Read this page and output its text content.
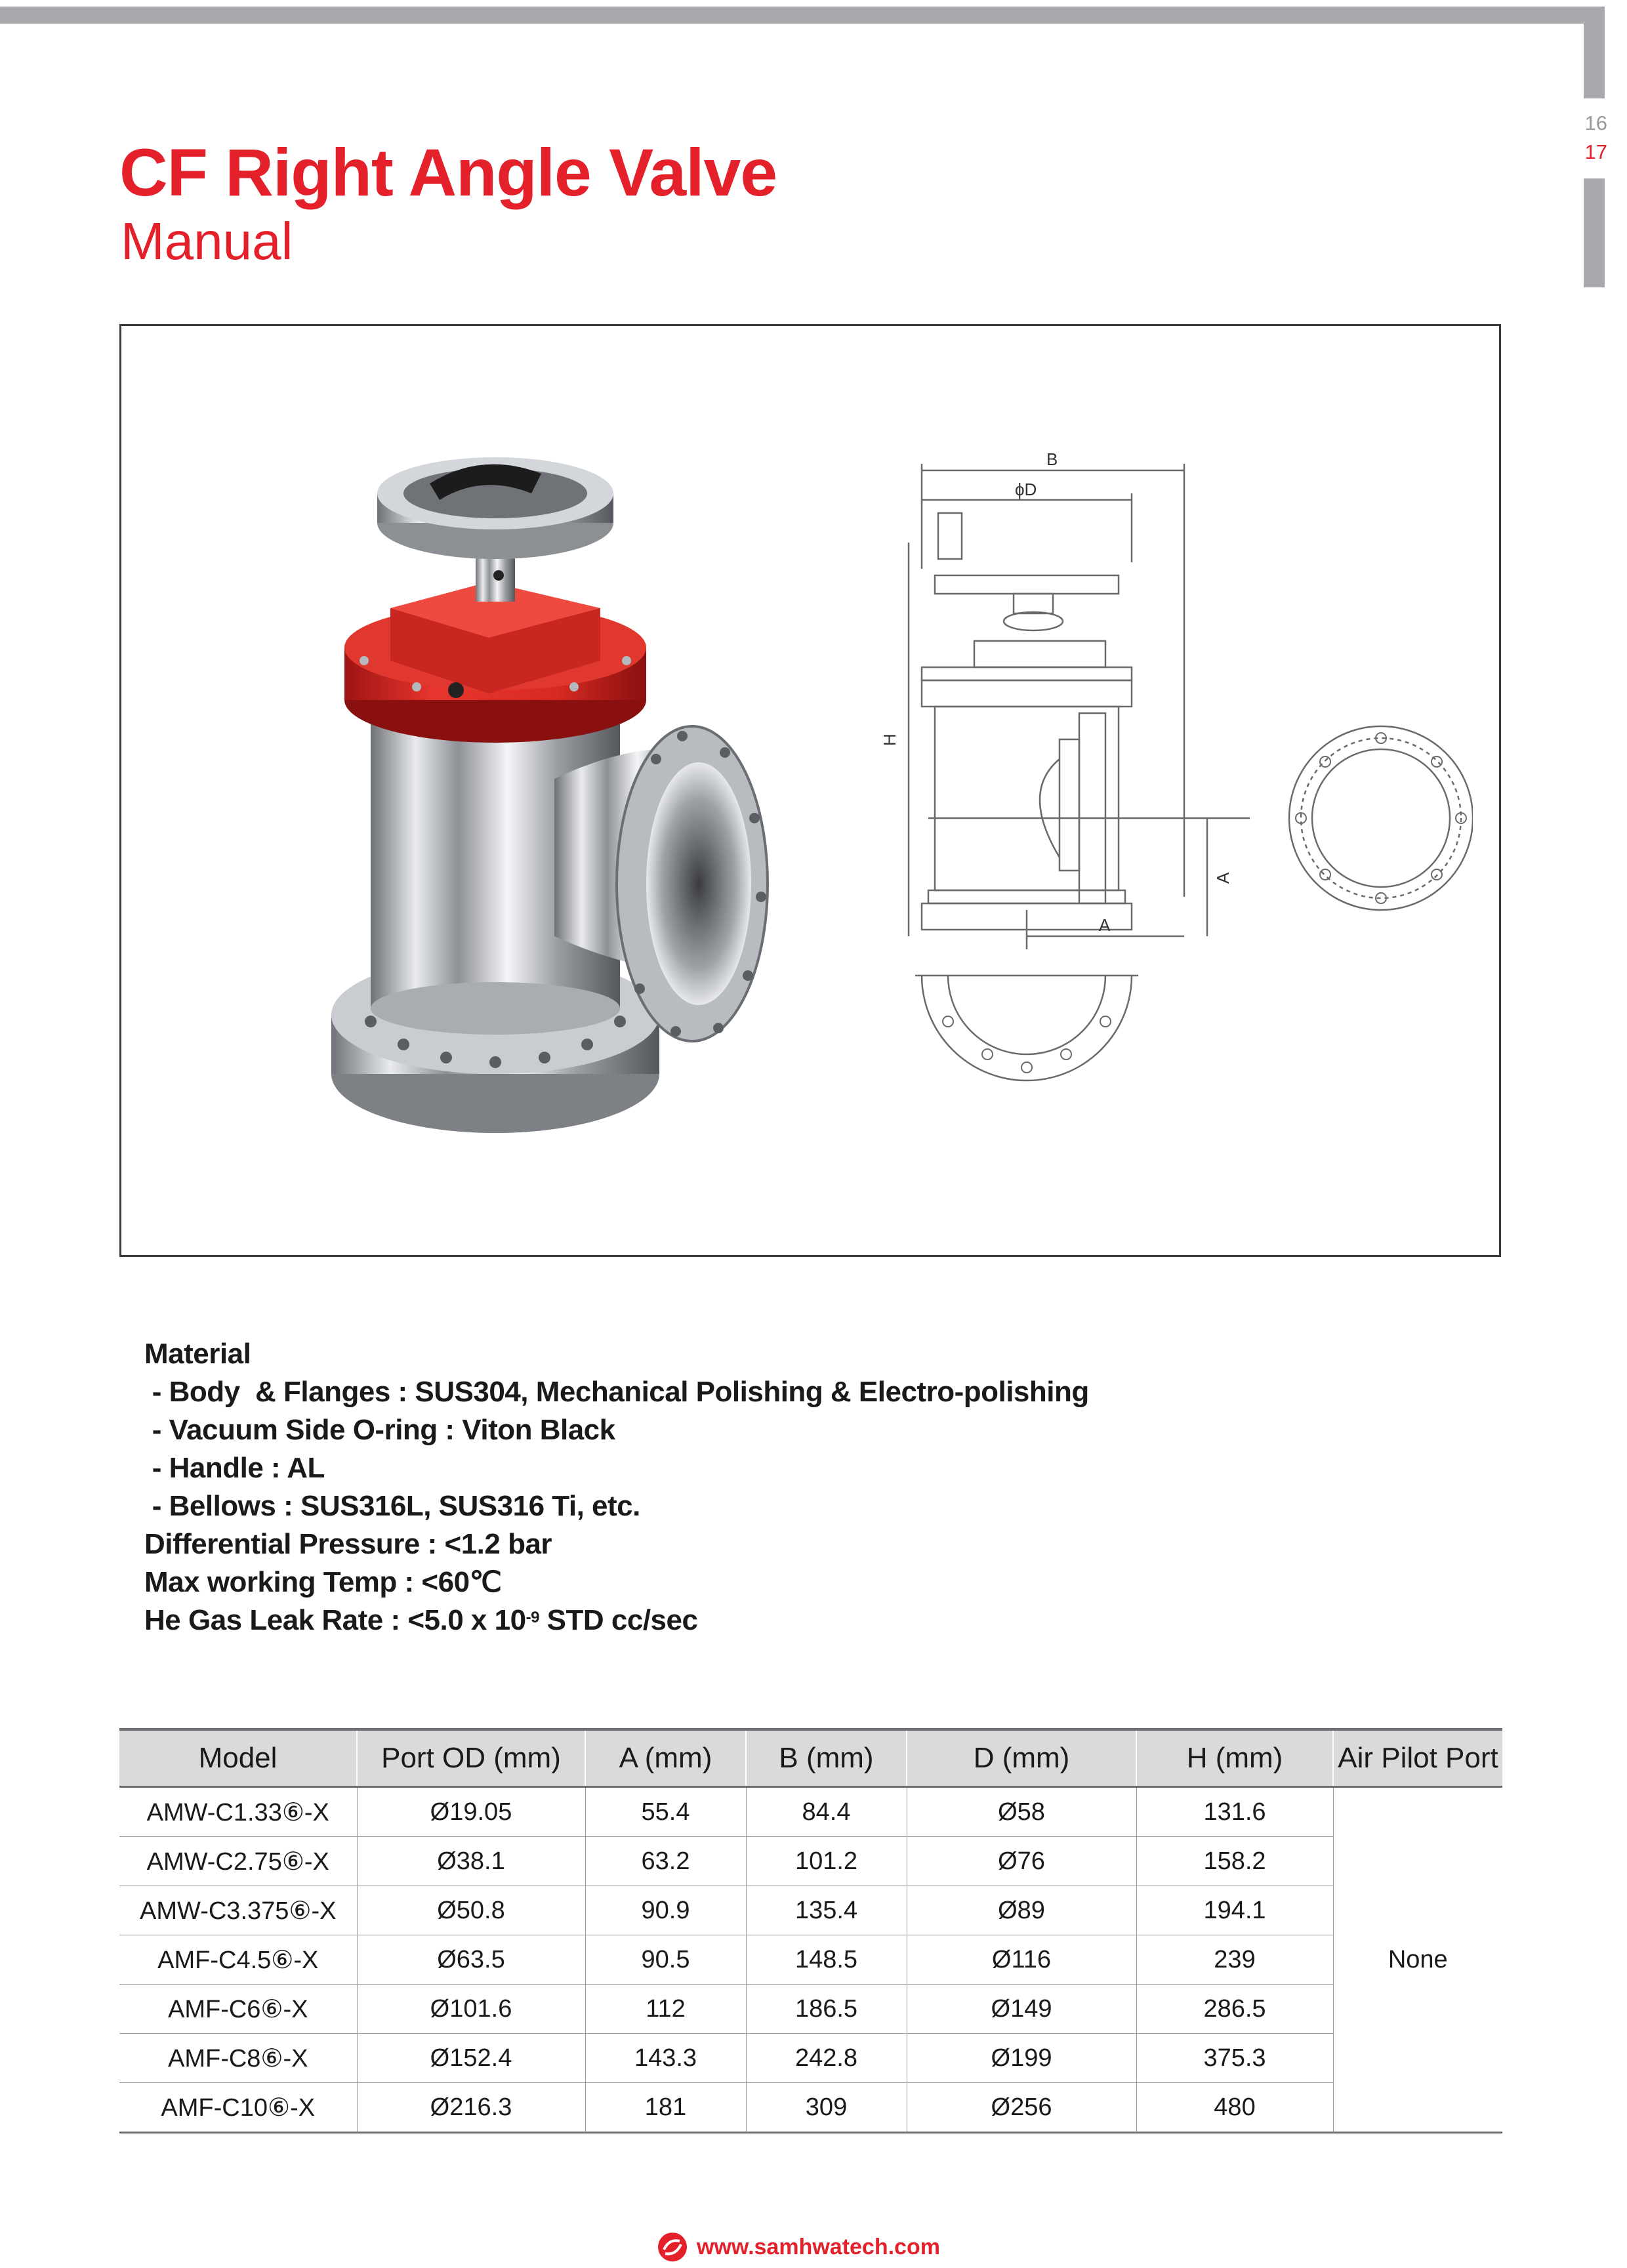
16
17
CF Right Angle Valve
Manual
B
ϕD
H
A
A
Material
- Body  & Flanges : SUS304, Mechanical Polishing & Electro-polishing
- Vacuum Side O-ring : Viton Black
- Handle : AL
- Bellows : SUS316L, SUS316 Ti, etc.
Differential Pressure : <1.2 bar
Max working Temp : <60℃
He Gas Leak Rate : <5.0 x $10^{-9}$ STD cc/sec
Model	Port OD (mm)	A (mm)	B (mm)	D (mm)	H (mm)	Air Pilot Port
AMW-C1.33⑥-X	Ø19.05	55.4	84.4	Ø58	131.6	None
AMW-C2.75⑥-X	Ø38.1	63.2	101.2	Ø76	158.2	
AMW-C3.375⑥-X	Ø50.8	90.9	135.4	Ø89	194.1	
AMF-C4.5⑥-X	Ø63.5	90.5	148.5	Ø116	239	
AMF-C6⑥-X	Ø101.6	112	186.5	Ø149	286.5	
AMF-C8⑥-X	Ø152.4	143.3	242.8	Ø199	375.3	
AMF-C10⑥-X	Ø216.3	181	309	Ø256	480	
www.samhwatech.com
